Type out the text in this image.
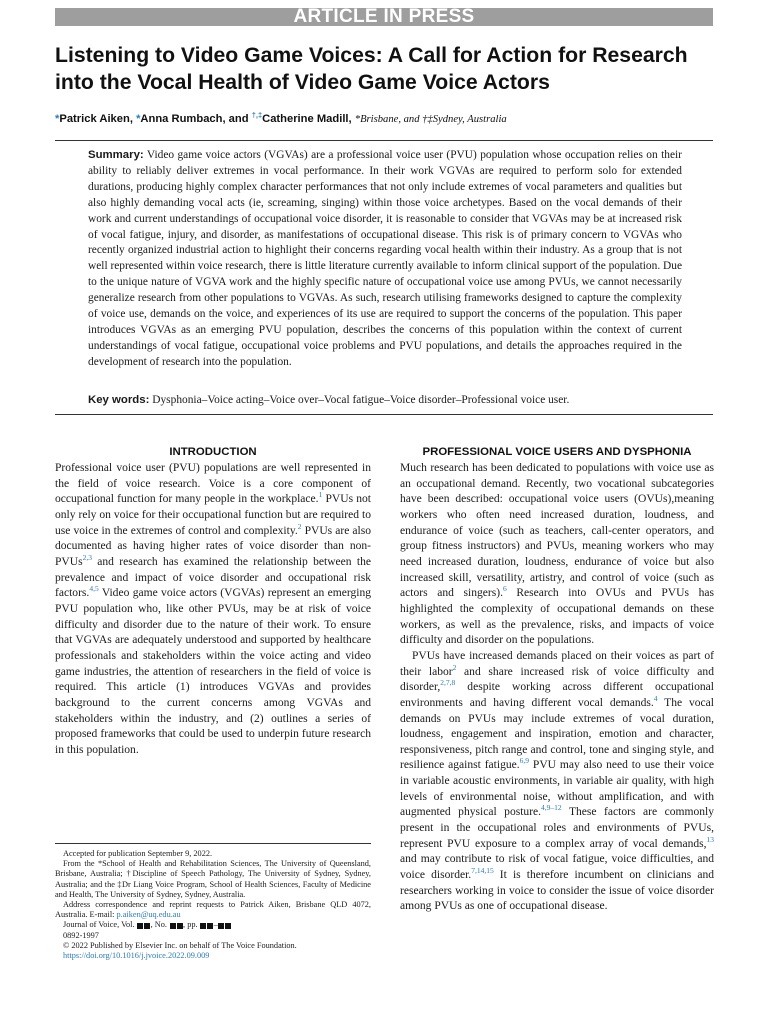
ARTICLE IN PRESS
Listening to Video Game Voices: A Call for Action for Research into the Vocal Health of Video Game Voice Actors
*Patrick Aiken, *Anna Rumbach, and †,‡Catherine Madill, *Brisbane, and †‡Sydney, Australia
Summary: Video game voice actors (VGVAs) are a professional voice user (PVU) population whose occupation relies on their ability to reliably deliver extremes in vocal performance. In their work VGVAs are required to perform solo for extended durations, producing highly complex character performances that not only include extremes of vocal parameters and qualities but also highly demanding vocal acts (ie, screaming, singing) within those voice archetypes. Based on the vocal demands of their work and current understandings of occupational voice disorder, it is reasonable to consider that VGVAs may be at increased risk of vocal fatigue, injury, and disorder, as manifestations of occupational disease. This risk is of primary concern to VGVAs who recently organized industrial action to highlight their concerns regarding vocal health within their industry. As a group that is not well represented within voice research, there is little literature currently available to inform clinical support of the population. Due to the unique nature of VGVA work and the highly specific nature of occupational voice use among PVUs, we cannot necessarily generalize research from other populations to VGVAs. As such, research utilising frameworks designed to capture the complexity of voice use, demands on the voice, and experiences of its use are required to support the concerns of the population. This paper introduces VGVAs as an emerging PVU population, describes the concerns of this population within the context of current understandings of vocal fatigue, occupational voice problems and PVU populations, and details the approaches required in the development of research into the population.
Key words: Dysphonia–Voice acting–Voice over–Vocal fatigue–Voice disorder–Professional voice user.
INTRODUCTION

Professional voice user (PVU) populations are well represented in the field of voice research. Voice is a core component of occupational function for many people in the workplace.$^1$ PVUs not only rely on voice for their occupational function but are required to use voice in the extremes of control and complexity.$^2$ PVUs are also documented as having higher rates of voice disorder than non-PVUs$^{2,3}$ and research has examined the relationship between the prevalence and impact of voice disorder and occupational risk factors.$^{4,5}$ Video game voice actors (VGVAs) represent an emerging PVU population who, like other PVUs, may be at risk of voice difficulty and disorder due to the nature of their work. To ensure that VGVAs are adequately understood and supported by healthcare professionals and stakeholders within the voice acting and video game industries, the attention of researchers in the field of voice is required. This article (1) introduces VGVAs and provides background to the current concerns among VGVAs and stakeholders within the industry, and (2) outlines a series of proposed frameworks that could be used to underpin future research in this population.

Accepted for publication September 9, 2022.

From the *School of Health and Rehabilitation Sciences, The University of Queensland, Brisbane, Australia; †Discipline of Speech Pathology, The University of Sydney, Sydney, Australia; and the ‡Dr Liang Voice Program, School of Health Sciences, Faculty of Medicine and Health, The University of Sydney, Sydney, Australia.

Address correspondence and reprint requests to Patrick Aiken, Brisbane QLD 4072, Australia. E-mail: p.aiken@uq.edu.au

Journal of Voice, Vol. , No. , pp. –

0892-1997

© 2022 Published by Elsevier Inc. on behalf of The Voice Foundation.

https://doi.org/10.1016/j.jvoice.2022.09.009

PROFESSIONAL VOICE USERS AND DYSPHONIA

Much research has been dedicated to populations with voice use as an occupational demand. Recently, two vocational subcategories have been described: occupational voice users (OVUs),meaning workers who often need increased duration, loudness, and endurance of voice (such as teachers, call-center operators, and group fitness instructors) and PVUs, meaning workers who may need increased duration, loudness, endurance of voice but also increased skill, versatility, artistry, and control of voice (such as actors and singers).$^6$ Research into OVUs and PVUs has highlighted the complexity of occupational demands on these workers, as well as the prevalence, risks, and impacts of voice difficulty and disorder on the populations.

PVUs have increased demands placed on their voices as part of their labor$^2$ and share increased risk of voice difficulty and disorder,$^{2,7,8}$ despite working across different occupational environments and having different vocal demands.$^4$ The vocal demands on PVUs may include extremes of vocal duration, loudness, engagement and inspiration, emotion and character, responsiveness, pitch range and control, tone and singing style, and resilience against fatigue.$^{6,9}$ PVU may also need to use their voice in variable acoustic environments, in variable air quality, with high levels of environmental noise, without amplification, and with augmented physical posture.$^{4,9-12}$ These factors are commonly present in the occupational roles and environments of PVUs, represent PVU exposure to a complex array of vocal demands,$^{13}$ and may contribute to risk of vocal fatigue, voice difficulties, and voice disorder.$^{7,14,15}$ It is therefore incumbent on clinicians and researchers working in voice to consider the issue of voice disorder among PVUs as one of occupational disease.
